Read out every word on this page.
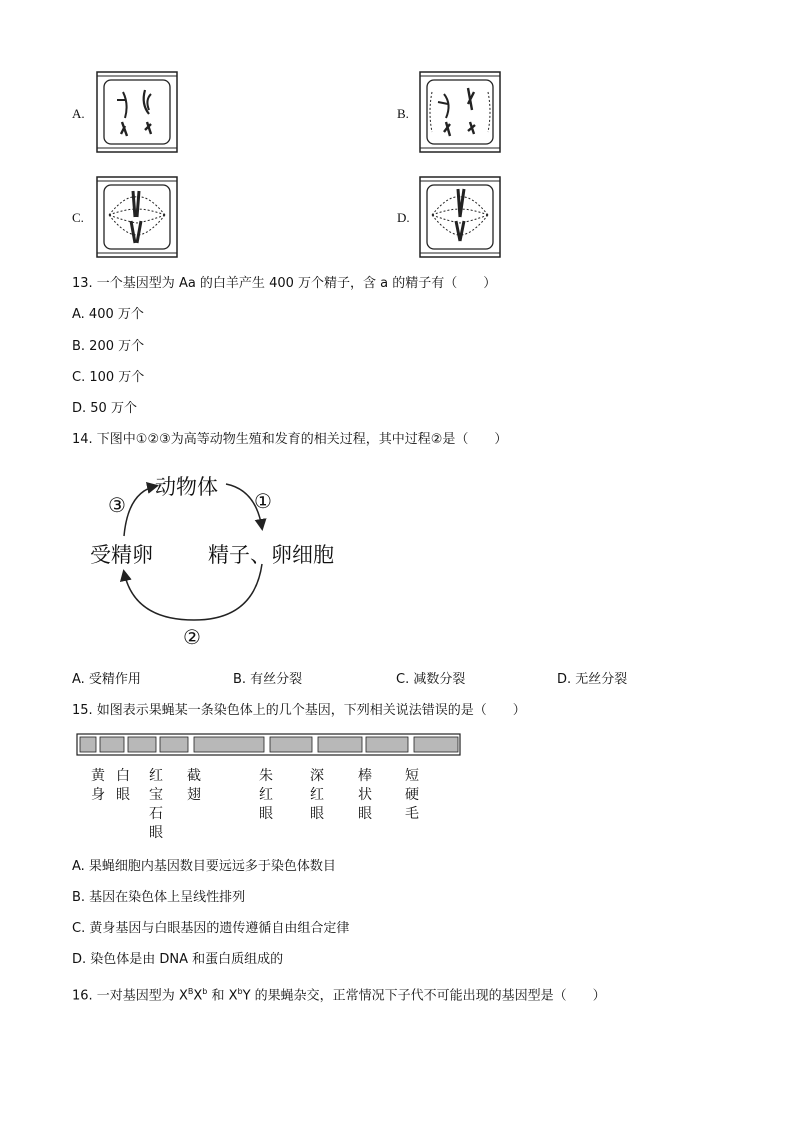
A.	B.
C.	D.
13. 一个基因型为 Aa 的白羊产生 400 万个精子，含 a 的精子有（　　）
A. 400 万个
B. 200 万个
C. 100 万个
D. 50 万个
14. 下图中①②③为高等动物生殖和发育的相关过程，其中过程②是（　　）
动物体
受精卵	精子、卵细胞
①
③
②
A. 受精作用	B. 有丝分裂	C. 减数分裂	D. 无丝分裂
15. 如图表示果蝇某一条染色体上的几个基因，下列相关说法错误的是（　　）
黄身
白眼
红宝石眼
截翅
朱红眼
深红眼
棒状眼
短硬毛
A. 果蝇细胞内基因数目要远远多于染色体数目
B. 基因在染色体上呈线性排列
C. 黄身基因与白眼基因的遗传遵循自由组合定律
D. 染色体是由 DNA 和蛋白质组成的
16. 一对基因型为 $X^BX^b$ 和 $X^bY$ 的果蝇杂交，正常情况下子代不可能出现的基因型是（　　）
